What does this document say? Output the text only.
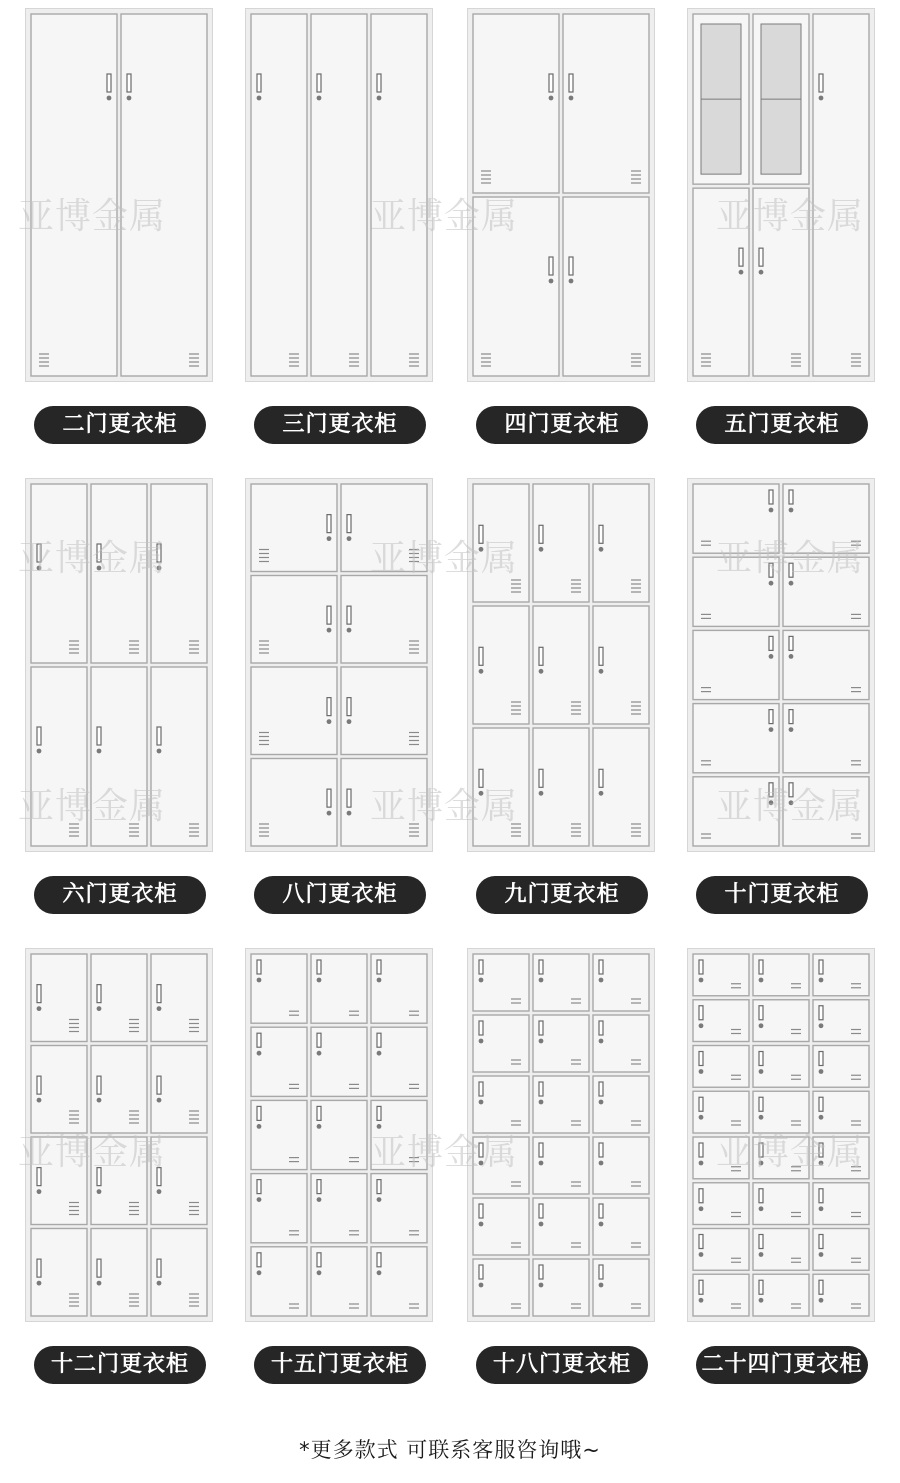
二门更衣柜	三门更衣柜	四门更衣柜	五门更衣柜
六门更衣柜	八门更衣柜	九门更衣柜	十门更衣柜
十二门更衣柜	十五门更衣柜	十八门更衣柜	二十四门更衣柜
亚博金属	亚博金属	亚博金属
亚博金属	亚博金属	亚博金属
亚博金属	亚博金属	亚博金属
亚博金属	亚博金属	亚博金属
*更多款式 可联系客服咨询哦~
